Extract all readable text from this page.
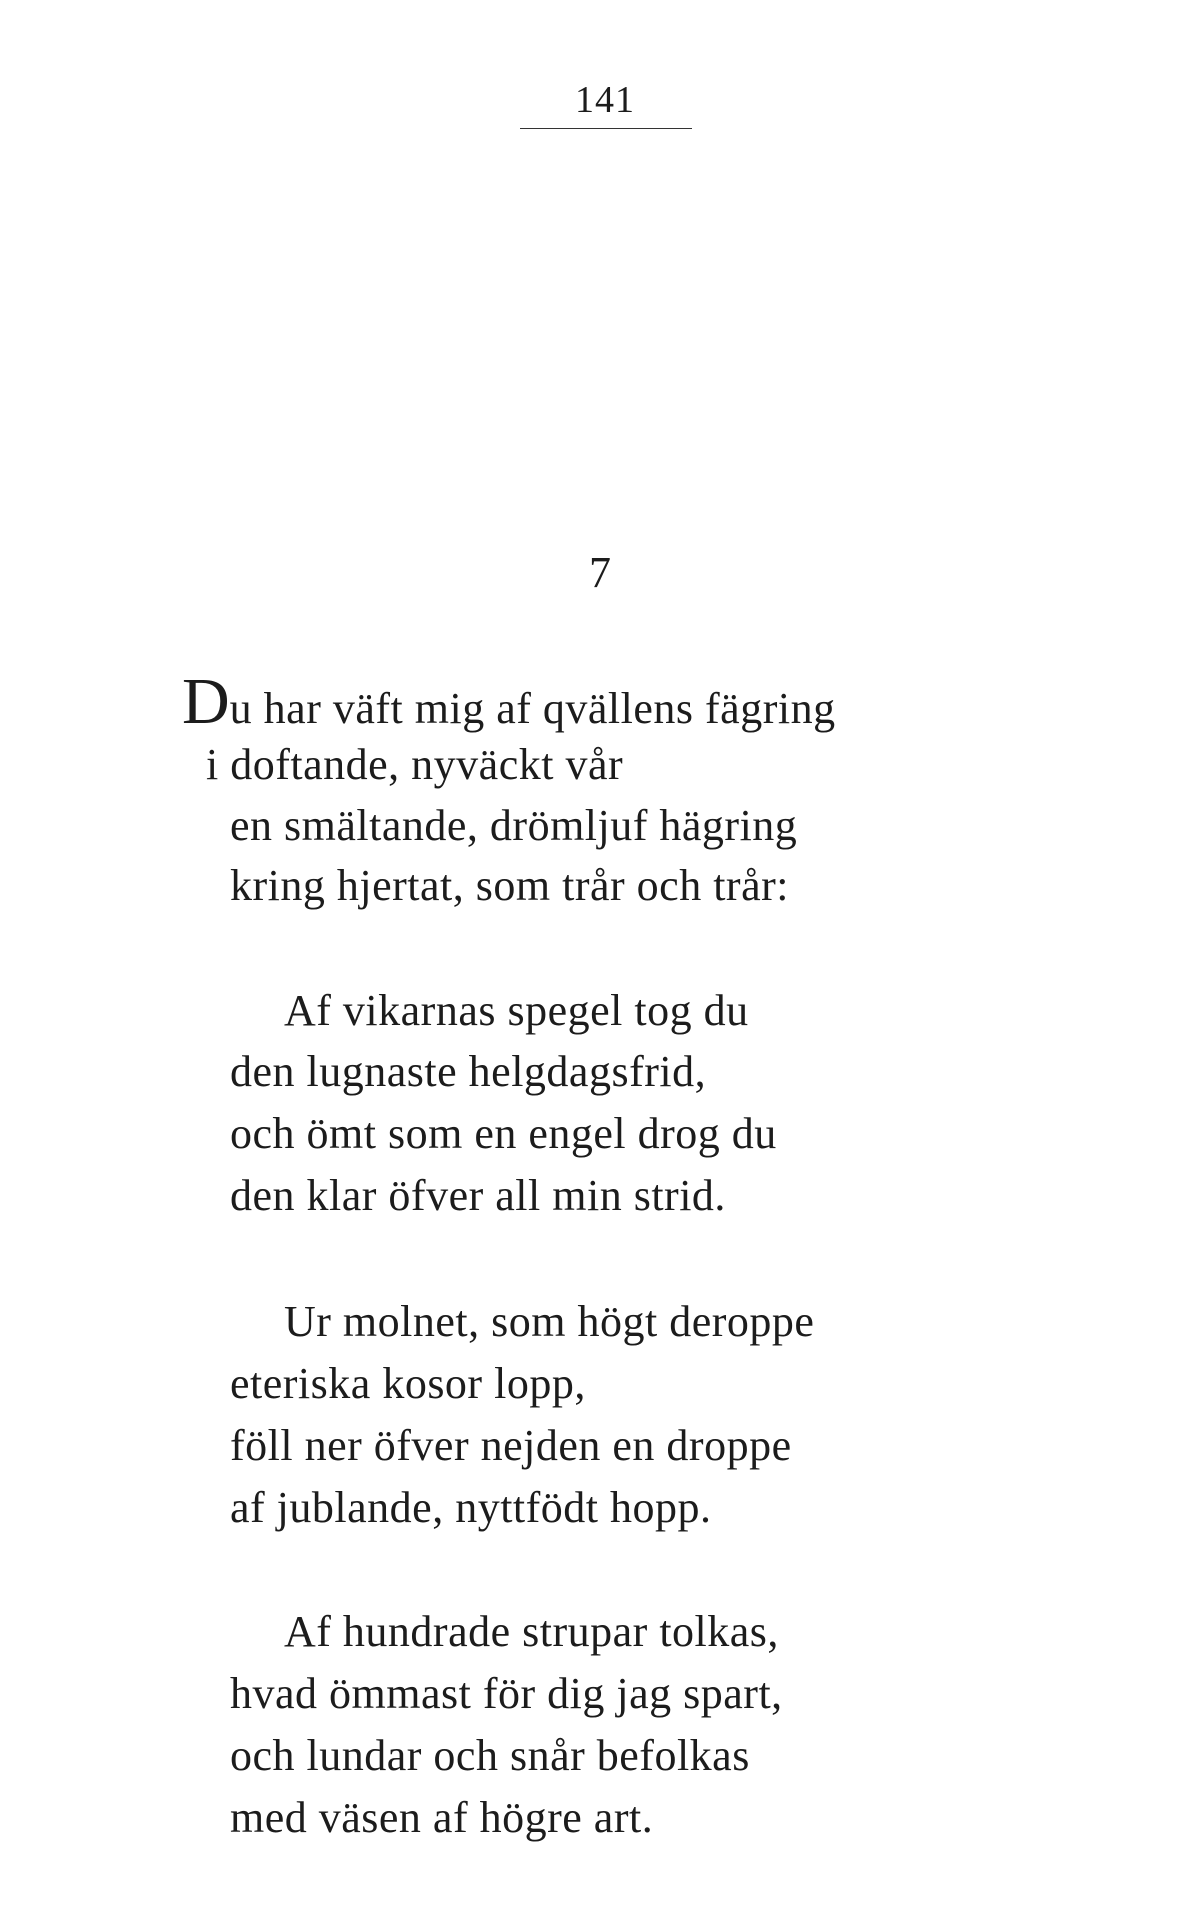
141
7
Du har väft mig af qvällens fägring
i doftande, nyväckt vår
en smältande, drömljuf hägring
kring hjertat, som trår och trår:
Af vikarnas spegel tog du
den lugnaste helgdagsfrid,
och ömt som en engel drog du
den klar öfver all min strid.
Ur molnet, som högt deroppe
eteriska kosor lopp,
föll ner öfver nejden en droppe
af jublande, nyttfödt hopp.
Af hundrade strupar tolkas,
hvad ömmast för dig jag spart,
och lundar och snår befolkas
med väsen af högre art.
